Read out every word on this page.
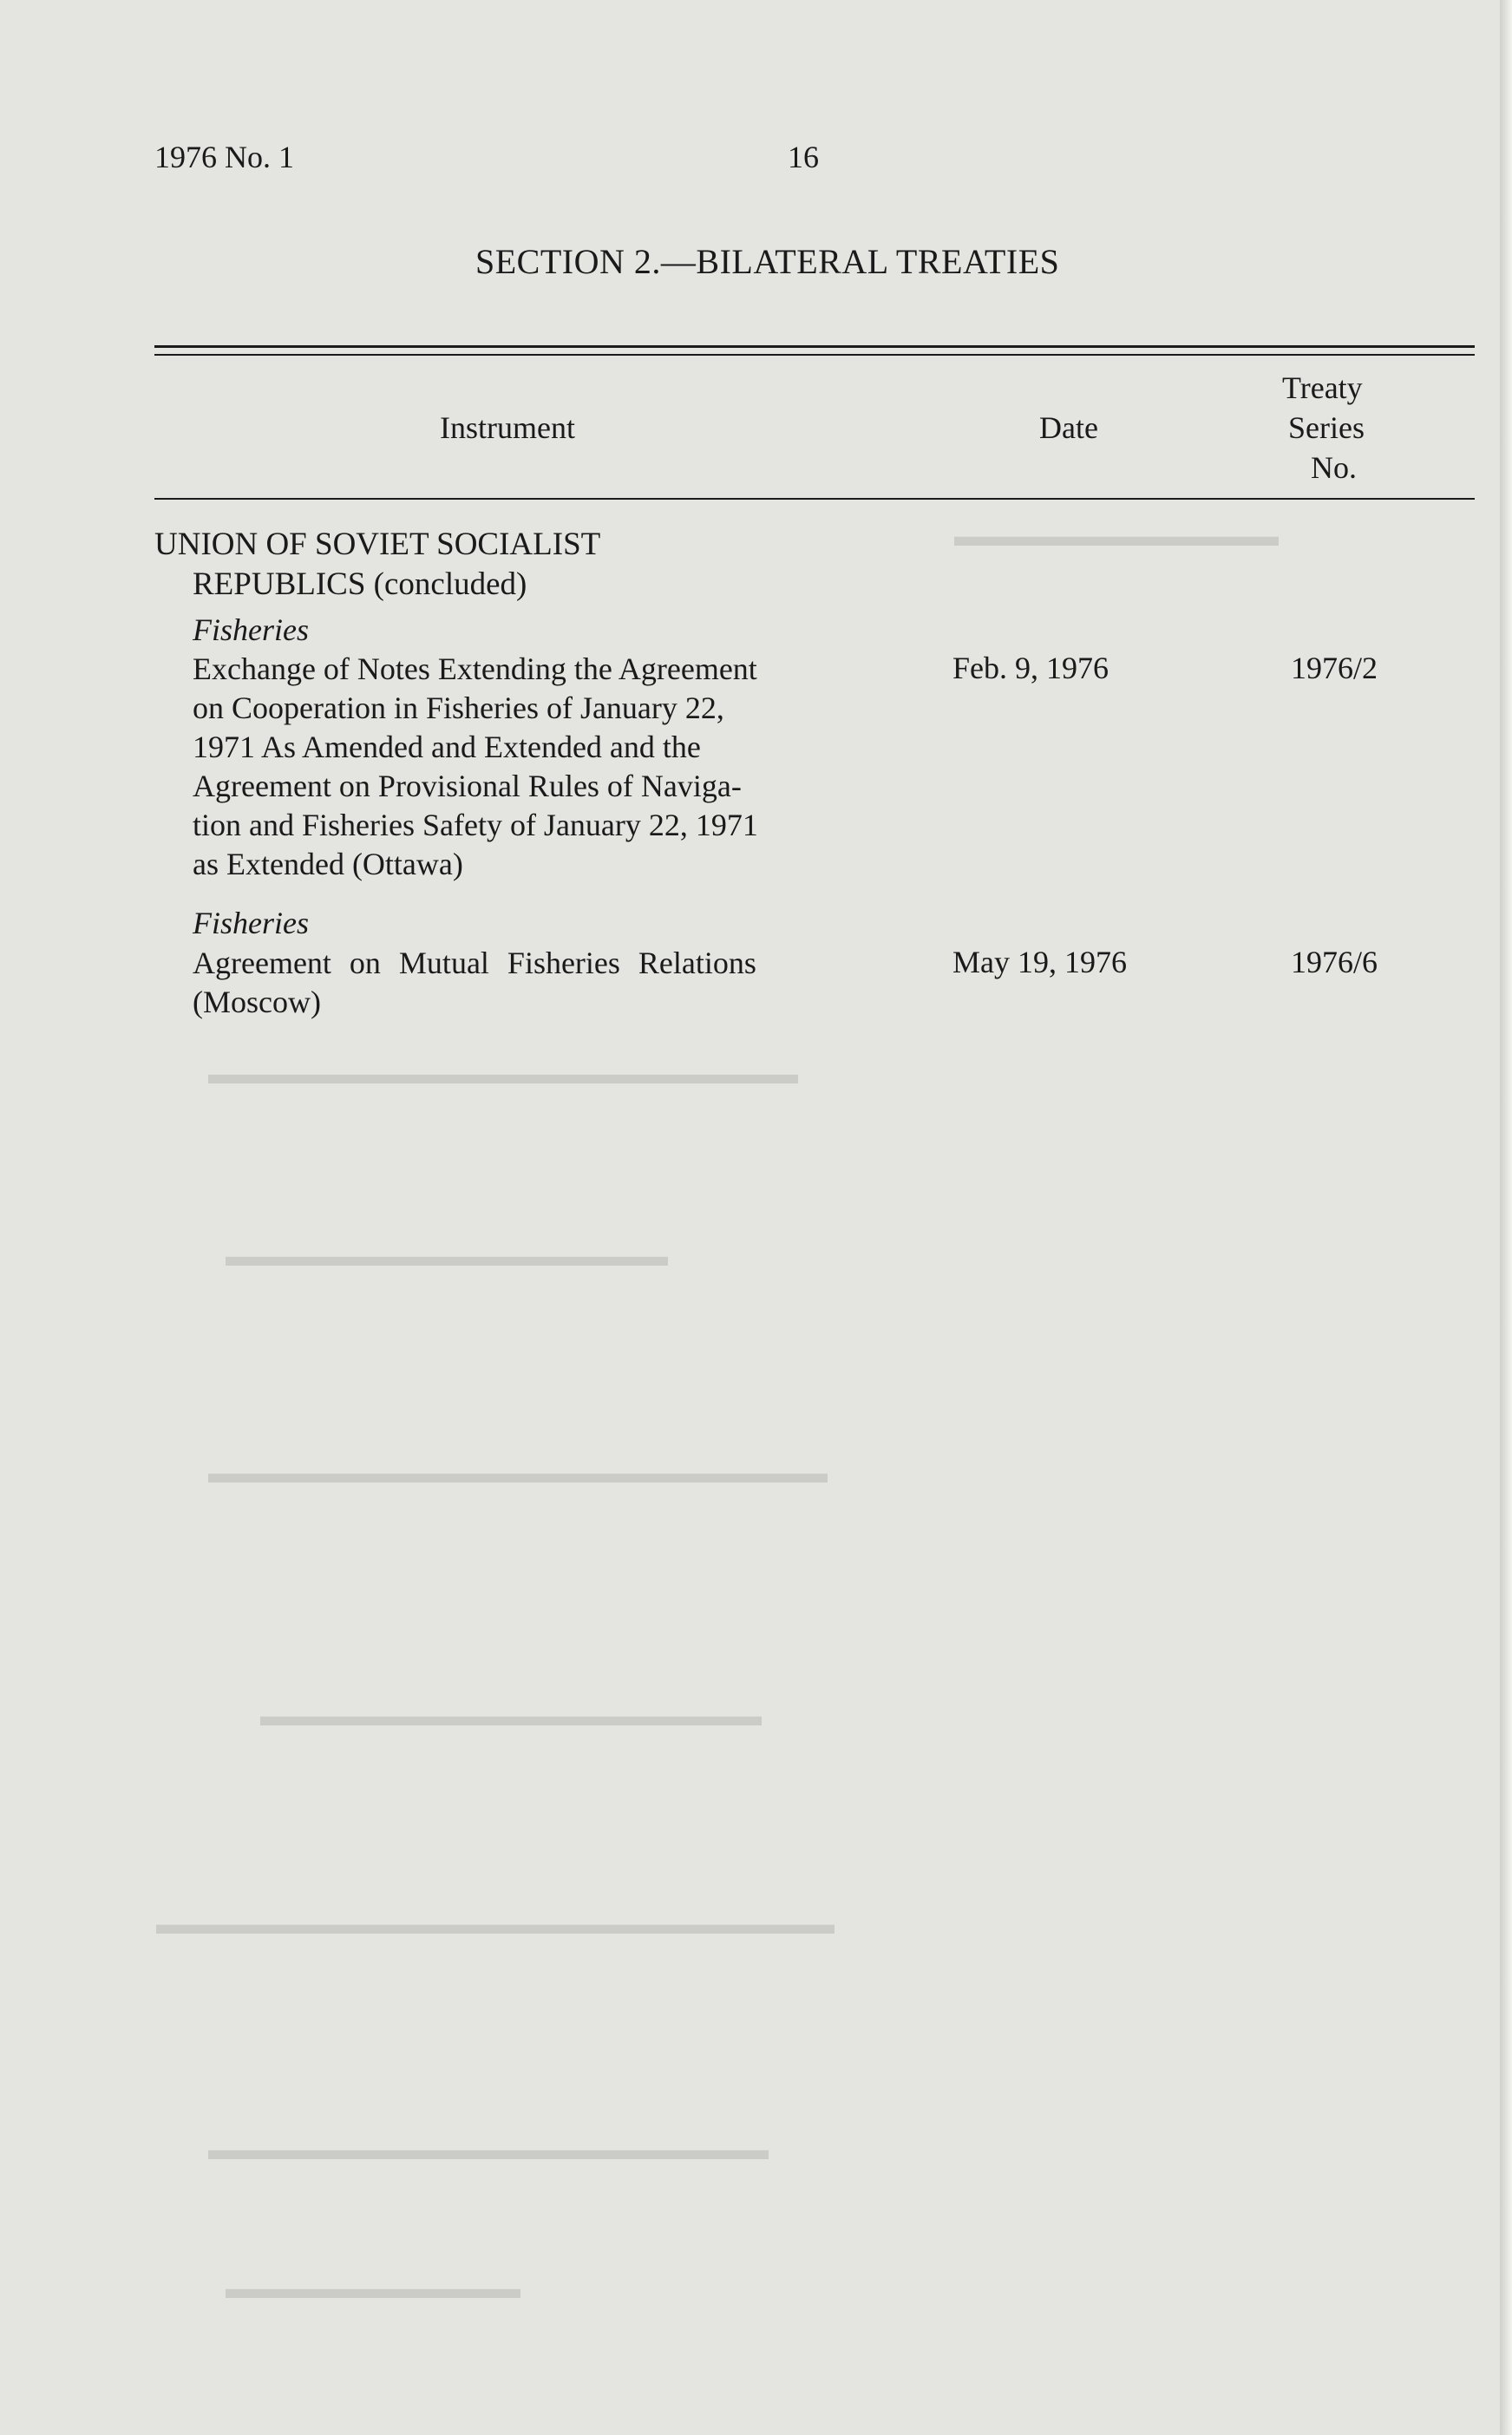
▬▬▬▬▬▬▬▬▬▬▬
▬▬▬▬▬▬▬▬▬▬▬▬▬▬▬▬▬▬▬▬
▬▬▬▬▬▬▬▬▬▬▬▬▬▬▬
▬▬▬▬▬▬▬▬▬▬▬▬▬▬▬▬▬▬▬▬▬
▬▬▬▬▬▬▬▬▬▬▬▬▬▬▬▬▬
▬▬▬▬▬▬▬▬▬▬▬▬▬▬▬▬▬▬▬▬▬▬▬
▬▬▬▬▬▬▬▬▬▬▬▬▬▬▬▬▬▬▬
▬▬▬▬▬▬▬▬▬▬
1976 No. 1	16
SECTION 2.—BILATERAL TREATIES
Instrument	Date
Treaty
Series
No.
UNION OF SOVIET SOCIALIST
REPUBLICS (concluded)
Fisheries
Exchange of Notes Extending the Agreement
on Cooperation in Fisheries of January 22,
1971 As Amended and Extended and the
Agreement on Provisional Rules of Naviga-
tion and Fisheries Safety of January 22, 1971
as Extended (Ottawa)
Feb. 9, 1976	1976/2
Fisheries
Agreement on Mutual Fisheries Relations
(Moscow)
May 19, 1976	1976/6
